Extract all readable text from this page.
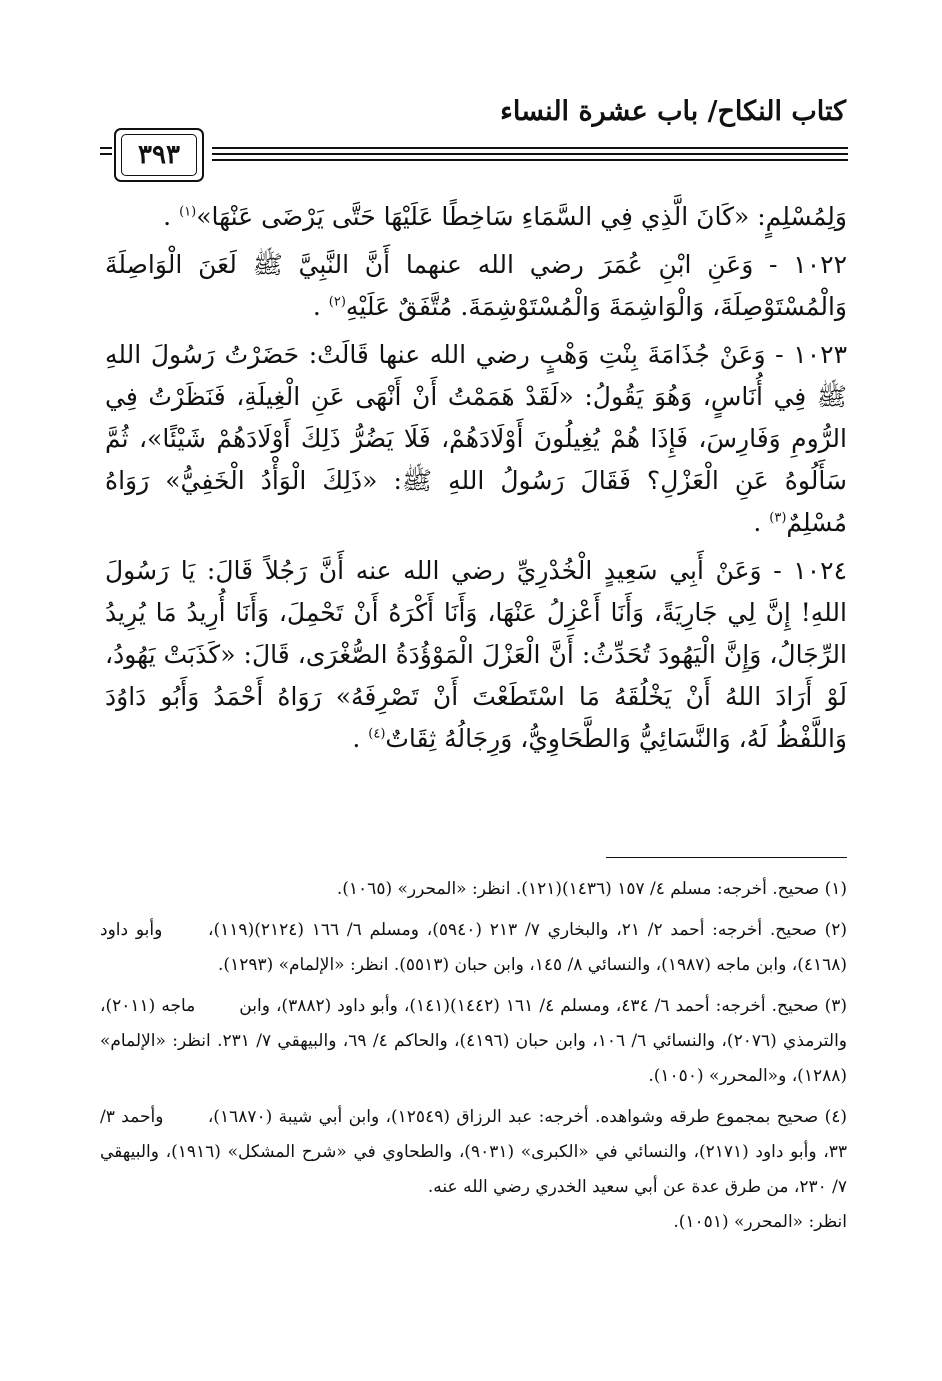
كتاب النكاح/ باب عشرة النساء
٣٩٣

وَلِمُسْلِمٍ: «كَانَ الَّذِي فِي السَّمَاءِ سَاخِطًا عَلَيْهَا حَتَّى يَرْضَى عَنْهَا»$^{(١)}$ .

١٠٢٢ - وَعَنِ ابْنِ عُمَرَ رضي الله عنهما أَنَّ النَّبِيَّ ﷺ لَعَنَ الْوَاصِلَةَ وَالْمُسْتَوْصِلَةَ، وَالْوَاشِمَةَ وَالْمُسْتَوْشِمَةَ. مُتَّفَقٌ عَلَيْهِ$^{(٢)}$ .

١٠٢٣ - وَعَنْ جُذَامَةَ بِنْتِ وَهْبٍ رضي الله عنها قَالَتْ: حَضَرْتُ رَسُولَ اللهِ ﷺ فِي أُنَاسٍ، وَهُوَ يَقُولُ: «لَقَدْ هَمَمْتُ أَنْ أَنْهَى عَنِ الْغِيلَةِ، فَنَظَرْتُ فِي الرُّومِ وَفَارِسَ، فَإِذَا هُمْ يُغِيلُونَ أَوْلَادَهُمْ، فَلَا يَضُرُّ ذَلِكَ أَوْلَادَهُمْ شَيْئًا»، ثُمَّ سَأَلُوهُ عَنِ الْعَزْلِ؟ فَقَالَ رَسُولُ اللهِ ﷺ: «ذَلِكَ الْوَأْدُ الْخَفِيُّ» رَوَاهُ مُسْلِمٌ$^{(٣)}$ .

١٠٢٤ - وَعَنْ أَبِي سَعِيدٍ الْخُدْرِيِّ رضي الله عنه أَنَّ رَجُلاً قَالَ: يَا رَسُولَ اللهِ! إِنَّ لِي جَارِيَةً، وَأَنَا أَعْزِلُ عَنْهَا، وَأَنَا أَكْرَهُ أَنْ تَحْمِلَ، وَأَنَا أُرِيدُ مَا يُرِيدُ الرِّجَالُ، وَإِنَّ الْيَهُودَ تُحَدِّثُ: أَنَّ الْعَزْلَ الْمَوْؤُدَةُ الصُّغْرَى، قَالَ: «كَذَبَتْ يَهُودُ، لَوْ أَرَادَ اللهُ أَنْ يَخْلُقَهُ مَا اسْتَطَعْتَ أَنْ تَصْرِفَهُ» رَوَاهُ أَحْمَدُ وَأَبُو دَاوُدَ وَاللَّفْظُ لَهُ، وَالنَّسَائِيُّ وَالطَّحَاوِيُّ، وَرِجَالُهُ ثِقَاتٌ$^{(٤)}$ .

(١) صحيح. أخرجه: مسلم ٤/ ١٥٧ (١٤٣٦)(١٢١). انظر: «المحرر» (١٠٦٥).

(٢) صحيح. أخرجه: أحمد ٢/ ٢١، والبخاري ٧/ ٢١٣ (٥٩٤٠)، ومسلم ٦/ ١٦٦ (٢١٢٤)(١١٩)، وأبو داود (٤١٦٨)، وابن ماجه (١٩٨٧)، والنسائي ٨/ ١٤٥، وابن حبان (٥٥١٣). انظر: «الإلمام» (١٢٩٣).

(٣) صحيح. أخرجه: أحمد ٦/ ٤٣٤، ومسلم ٤/ ١٦١ (١٤٤٢)(١٤١)، وأبو داود (٣٨٨٢)، وابن ماجه (٢٠١١)، والترمذي (٢٠٧٦)، والنسائي ٦/ ١٠٦، وابن حبان (٤١٩٦)، والحاكم ٤/ ٦٩، والبيهقي ٧/ ٢٣١. انظر: «الإلمام» (١٢٨٨)، و«المحرر» (١٠٥٠).

(٤) صحيح بمجموع طرقه وشواهده. أخرجه: عبد الرزاق (١٢٥٤٩)، وابن أبي شيبة (١٦٨٧٠)، وأحمد ٣/ ٣٣، وأبو داود (٢١٧١)، والنسائي في «الكبرى» (٩٠٣١)، والطحاوي في «شرح المشكل» (١٩١٦)، والبيهقي ٧/ ٢٣٠، من طرق عدة عن أبي سعيد الخدري رضي الله عنه.
انظر: «المحرر» (١٠٥١).
